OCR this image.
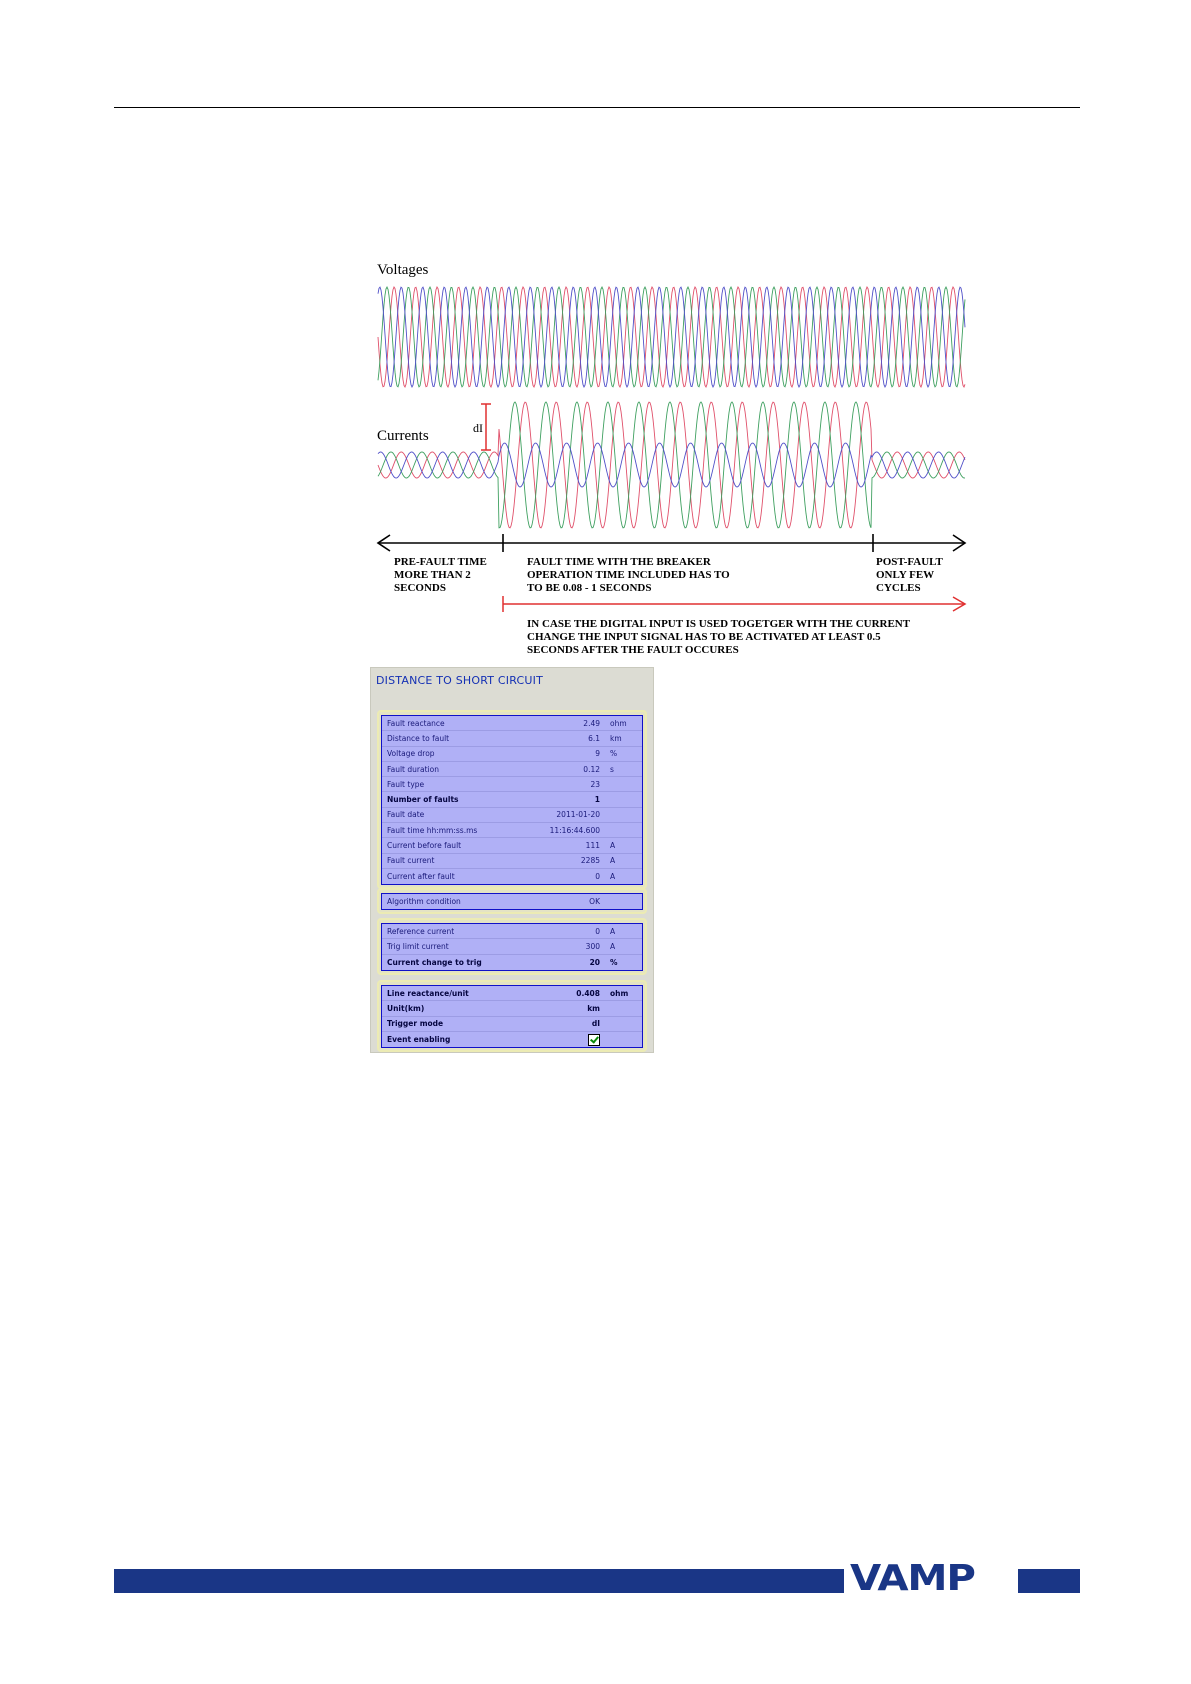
Voltages
Currents	dI
PRE-FAULT TIME
MORE THAN 2
SECONDS
FAULT TIME WITH THE BREAKER
OPERATION TIME INCLUDED HAS TO
TO BE 0.08 - 1 SECONDS
POST-FAULT
ONLY FEW
CYCLES
IN CASE THE DIGITAL INPUT IS USED TOGETGER WITH THE CURRENT
CHANGE THE INPUT SIGNAL HAS TO BE ACTIVATED AT LEAST 0.5
SECONDS AFTER THE FAULT OCCURES
DISTANCE TO SHORT CIRCUIT
Fault reactance	2.49	ohm
Distance to fault	6.1	km
Voltage drop	9	%
Fault duration	0.12	s
Fault type	23
Number of faults	1
Fault date	2011-01-20
Fault time hh:mm:ss.ms	11:16:44.600
Current before fault	111	A
Fault current	2285	A
Current after fault	0	A
Algorithm condition	OK
Reference current	0	A
Trig limit current	300	A
Current change to trig	20	%
Line reactance/unit	0.408	ohm
Unit(km)	km
Trigger mode	dI
Event enabling
VAMP
